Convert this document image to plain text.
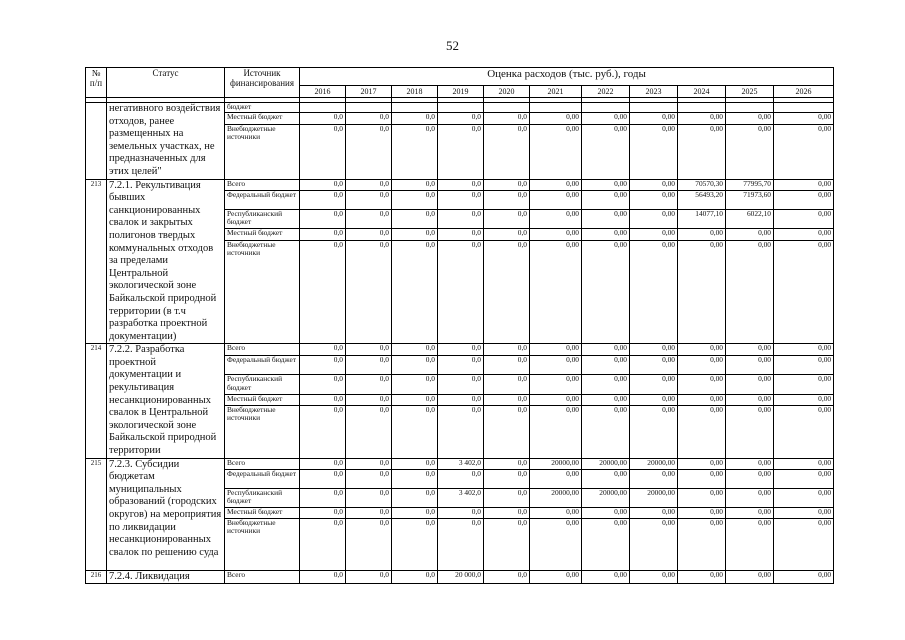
52
№ п/п	Статус	Источник финансирования	Оценка расходов (тыс. руб.), годы										
			2016	2017	2018	2019	2020	2021	2022	2023	2024	2025	2026

	негативного воздействия отходов, ранее размещенных на земельных участках, не предназначенных для этих целей"	бюджет											
		Местный бюджет	0,0	0,0	0,0	0,0	0,0	0,00	0,00	0,00	0,00	0,00	0,00
		Внебюджетные источники	0,0	0,0	0,0	0,0	0,0	0,00	0,00	0,00	0,00	0,00	0,00
213	7.2.1. Рекультивация бывших санкционированных свалок и закрытых полигонов твердых коммунальных отходов за пределами Центральной экологической зоне Байкальской природной территории (в т.ч разработка проектной документации)	Всего	0,0	0,0	0,0	0,0	0,0	0,00	0,00	0,00	70570,30	77995,70	0,00
		Федеральный бюджет	0,0	0,0	0,0	0,0	0,0	0,00	0,00	0,00	56493,20	71973,60	0,00
		Республиканский бюджет	0,0	0,0	0,0	0,0	0,0	0,00	0,00	0,00	14077,10	6022,10	0,00
		Местный бюджет	0,0	0,0	0,0	0,0	0,0	0,00	0,00	0,00	0,00	0,00	0,00
		Внебюджетные источники	0,0	0,0	0,0	0,0	0,0	0,00	0,00	0,00	0,00	0,00	0,00
214	7.2.2. Разработка проектной документации и рекультивация несанкционированных свалок в Центральной экологической зоне Байкальской природной территории	Всего	0,0	0,0	0,0	0,0	0,0	0,00	0,00	0,00	0,00	0,00	0,00
		Федеральный бюджет	0,0	0,0	0,0	0,0	0,0	0,00	0,00	0,00	0,00	0,00	0,00
		Республиканский бюджет	0,0	0,0	0,0	0,0	0,0	0,00	0,00	0,00	0,00	0,00	0,00
		Местный бюджет	0,0	0,0	0,0	0,0	0,0	0,00	0,00	0,00	0,00	0,00	0,00
		Внебюджетные источники	0,0	0,0	0,0	0,0	0,0	0,00	0,00	0,00	0,00	0,00	0,00
215	7.2.3. Субсидии бюджетам муниципальных образований (городских округов) на мероприятия по ликвидации несанкционированных свалок по решению суда	Всего	0,0	0,0	0,0	3 402,0	0,0	20000,00	20000,00	20000,00	0,00	0,00	0,00
		Федеральный бюджет	0,0	0,0	0,0	0,0	0,0	0,00	0,00	0,00	0,00	0,00	0,00
		Республиканский бюджет	0,0	0,0	0,0	3 402,0	0,0	20000,00	20000,00	20000,00	0,00	0,00	0,00
		Местный бюджет	0,0	0,0	0,0	0,0	0,0	0,00	0,00	0,00	0,00	0,00	0,00
		Внебюджетные источники	0,0	0,0	0,0	0,0	0,0	0,00	0,00	0,00	0,00	0,00	0,00
216	7.2.4. Ликвидация	Всего	0,0	0,0	0,0	20 000,0	0,0	0,00	0,00	0,00	0,00	0,00	0,00
